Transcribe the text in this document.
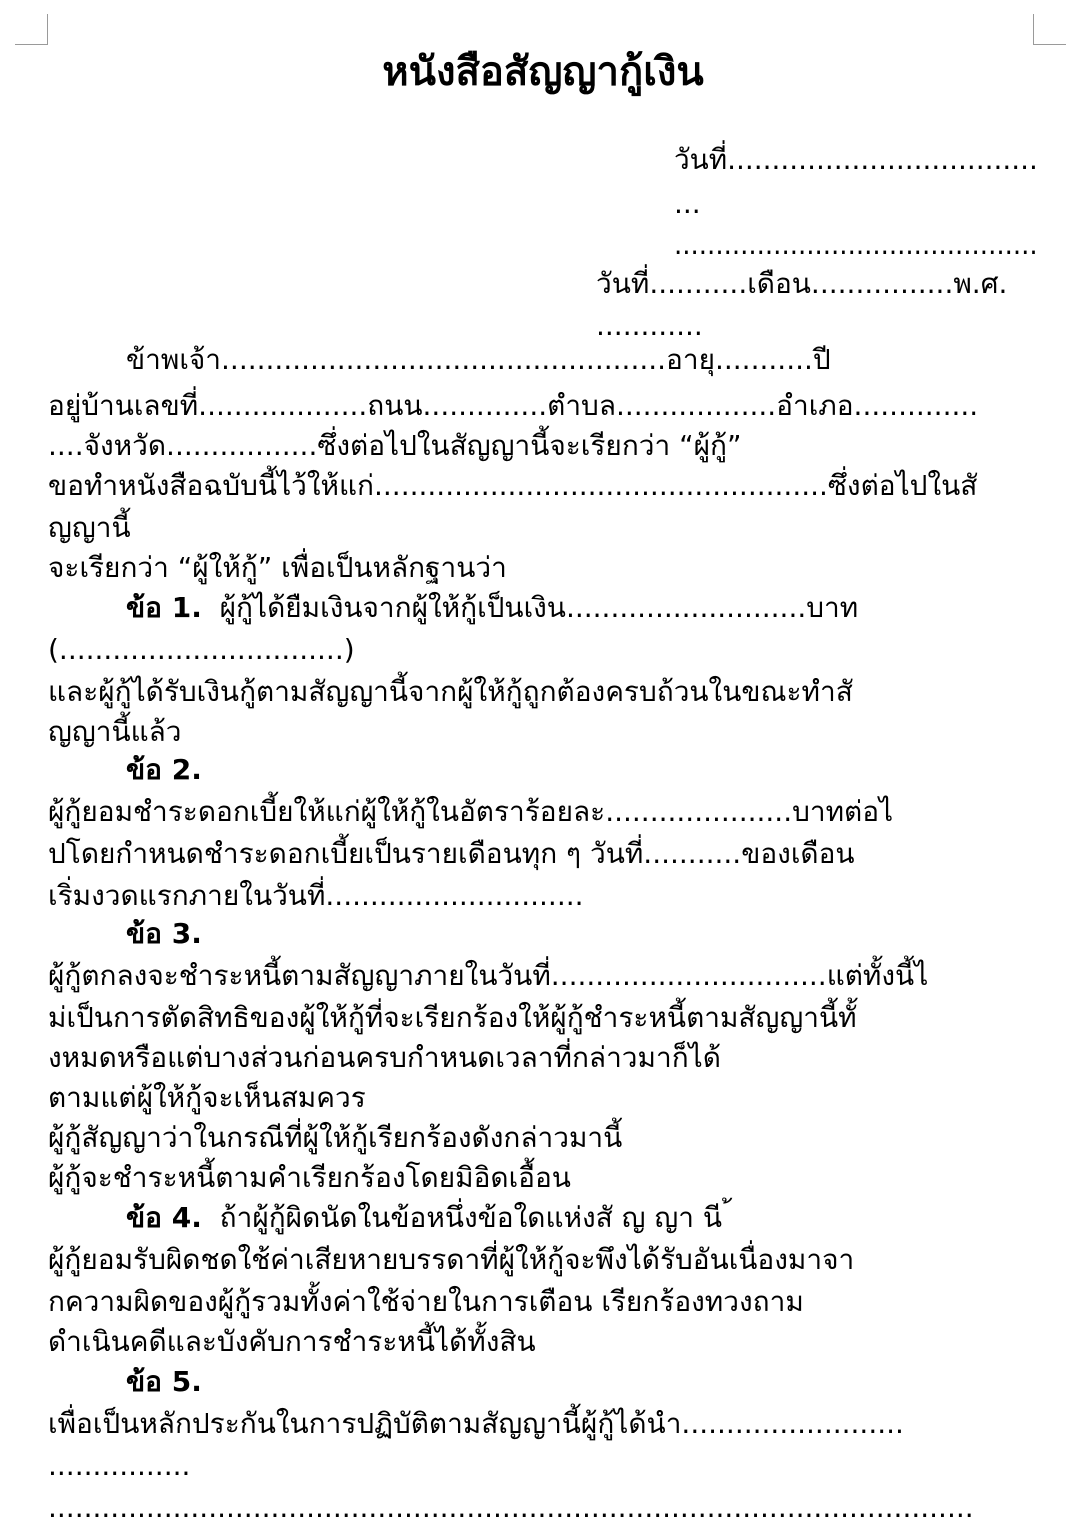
หนังสือสัญญากู้เงิน
วันที่...................................
...
............................................
วันที่...........เดือน................พ.ศ.
............
ข้าพเจ้า..................................................อายุ...........ปี
อยู่บ้านเลขที่...................ถนน..............ตำบล..................อำเภอ..............
....จังหวัด.................ซึ่งต่อไปในสัญญานี้จะเรียกว่า “ผู้กู้”
ขอทำหนังสือฉบับนี้ไว้ให้แก่...................................................ซึ่งต่อไปในสั
ญญานี้
จะเรียกว่า “ผู้ให้กู้” เพื่อเป็นหลักฐานว่า
ข้อ 1. ผู้กู้ได้ยืมเงินจากผู้ให้กู้เป็นเงิน...........................บาท
(................................)
และผู้กู้ได้รับเงินกู้ตามสัญญานี้จากผู้ให้กู้ถูกต้องครบถ้วนในขณะทำสั
ญญานี้แล้ว
ข้อ 2.
ผู้กู้ยอมชำระดอกเบี้ยให้แก่ผู้ให้กู้ในอัตราร้อยละ.....................บาทต่อไ
ปโดยกำหนดชำระดอกเบี้ยเป็นรายเดือนทุก ๆ วันที่...........ของเดือน
เริ่มงวดแรกภายในวันที่.............................
ข้อ 3.
ผู้กู้ตกลงจะชำระหนี้ตามสัญญาภายในวันที่...............................แต่ทั้งนี้ไ
ม่เป็นการตัดสิทธิของผู้ให้กู้ที่จะเรียกร้องให้ผู้กู้ชำระหนี้ตามสัญญานี้ทั้
งหมดหรือแต่บางส่วนก่อนครบกำหนดเวลาที่กล่าวมาก็ได้
ตามแต่ผู้ให้กู้จะเห็นสมควร
ผู้กู้สัญญาว่าในกรณีที่ผู้ให้กู้เรียกร้องดังกล่าวมานี้
ผู้กู้จะชำระหนี้ตามคำเรียกร้องโดยมิอิดเอื้อน
ข้อ 4. ถ้าผู้กู้ผิดนัดในข้อหนึ่งข้อใดแห่งสั ญ ญา นี ้
ผู้กู้ยอมรับผิดชดใช้ค่าเสียหายบรรดาที่ผู้ให้กู้จะพึงได้รับอันเนื่องมาจา
กความผิดของผู้กู้รวมทั้งค่าใช้จ่ายในการเตือน เรียกร้องทวงถาม
ดำเนินคดีและบังคับการชำระหนี้ได้ทั้งสิน
ข้อ 5.
เพื่อเป็นหลักประกันในการปฏิบัติตามสัญญานี้ผู้กู้ได้นำ.........................
................
........................................................................................................
